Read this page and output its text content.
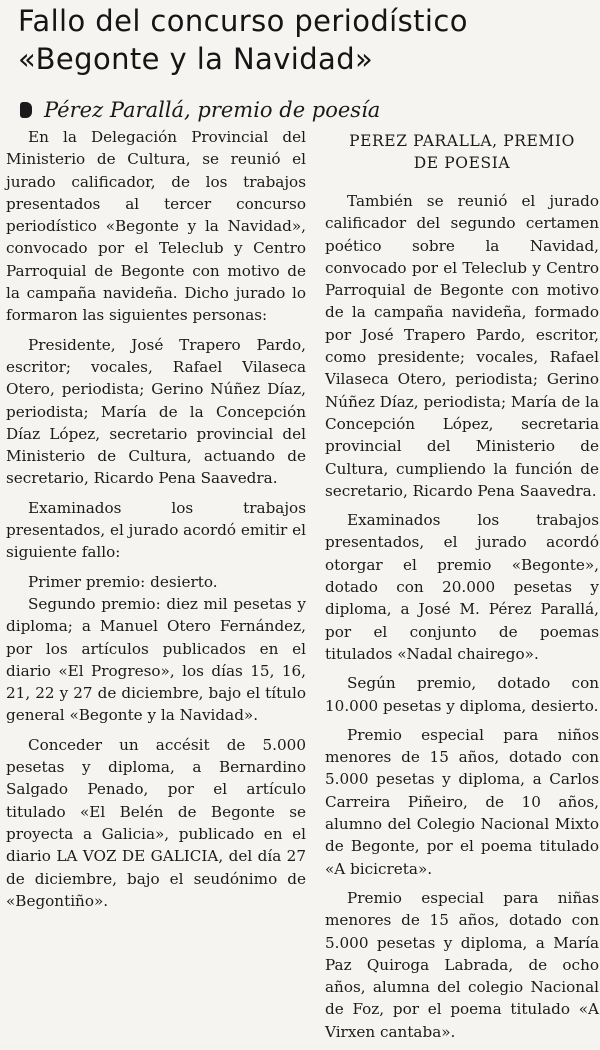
Fallo del concurso periodístico
«Begonte y la Navidad»
Pérez Parallá, premio de poesía

En la Delegación Provincial del Ministerio de Cultura, se reunió el jurado calificador, de los trabajos presentados al tercer concurso periodístico «Begonte y la Navidad», convocado por el Teleclub y Centro Parroquial de Begonte con motivo de la campaña navideña. Dicho jurado lo formaron las siguientes personas:

Presidente, José Trapero Pardo, escritor; vocales, Rafael Vilaseca Otero, periodista; Gerino Núñez Díaz, periodista; María de la Concepción Díaz López, secretario provincial del Ministerio de Cultura, actuando de secretario, Ricardo Pena Saavedra.

Examinados los trabajos presentados, el jurado acordó emitir el siguiente fallo:

Primer premio: desierto.

Segundo premio: diez mil pesetas y diploma; a Manuel Otero Fernández, por los artículos publicados en el diario «El Progreso», los días 15, 16, 21, 22 y 27 de diciembre, bajo el título general «Begonte y la Navidad».

Conceder un accésit de 5.000 pesetas y diploma, a Bernardino Salgado Penado, por el artículo titulado «El Belén de Begonte se proyecta a Galicia», publicado en el diario LA VOZ DE GALICIA, del día 27 de diciembre, bajo el seudónimo de «Begontiño».

PEREZ PARALLA, PREMIO
DE POESIA

También se reunió el jurado calificador del segundo certamen poético sobre la Navidad, convocado por el Teleclub y Centro Parroquial de Begonte con motivo de la campaña navideña, formado por José Trapero Pardo, escritor, como presidente; vocales, Rafael Vilaseca Otero, periodista; Gerino Núñez Díaz, periodista; María de la Concepción López, secretaria provincial del Ministerio de Cultura, cumpliendo la función de secretario, Ricardo Pena Saavedra.

Examinados los trabajos presentados, el jurado acordó otorgar el premio «Begonte», dotado con 20.000 pesetas y diploma, a José M. Pérez Parallá, por el conjunto de poemas titulados «Nadal chairego».

Según premio, dotado con 10.000 pesetas y diploma, desierto.

Premio especial para niños menores de 15 años, dotado con 5.000 pesetas y diploma, a Carlos Carreira Piñeiro, de 10 años, alumno del Colegio Nacional Mixto de Begonte, por el poema titulado «A bicicreta».

Premio especial para niñas menores de 15 años, dotado con 5.000 pesetas y diploma, a María Paz Quiroga Labrada, de ocho años, alumna del colegio Nacional de Foz, por el poema titulado «A Virxen cantaba».
